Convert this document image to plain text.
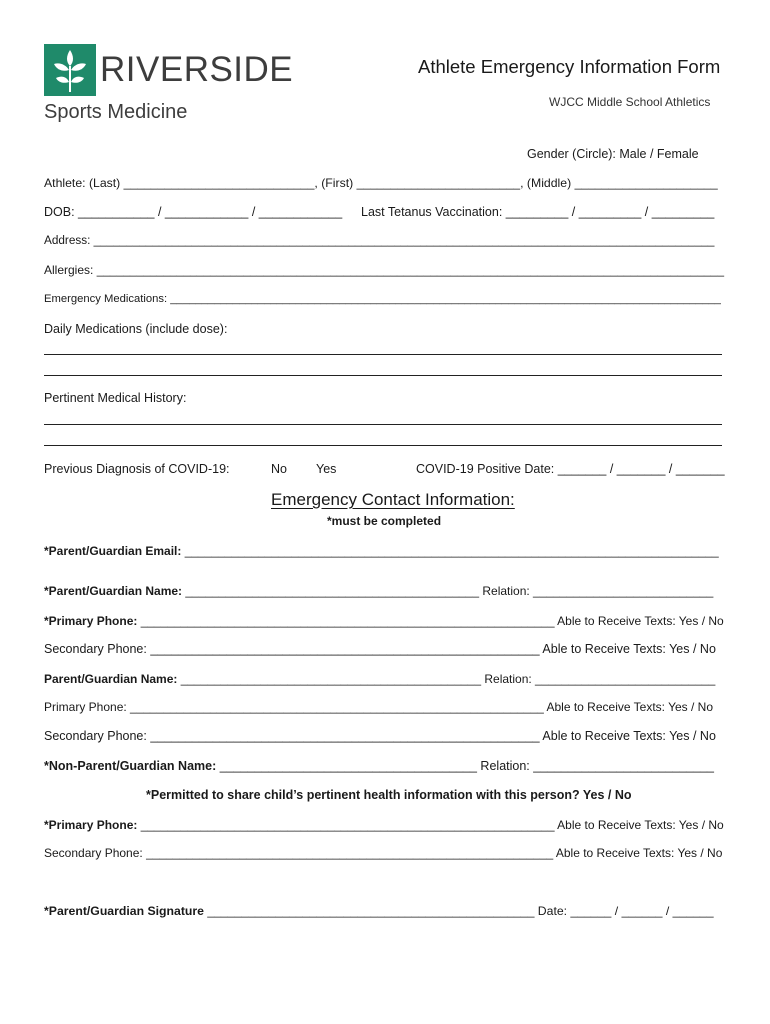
RIVERSIDE
Sports Medicine
Athlete Emergency Information Form
WJCC Middle School Athletics
Gender (Circle): Male / Female
Athlete: (Last) ____________________________, (First) ________________________, (Middle) _____________________
DOB: ___________ / ____________ / ____________ Last Tetanus Vaccination: _________ / _________ / _________
Address: _______________________________________________________________________________________________
Allergies: ______________________________________________________________________________________________
Emergency Medications: ________________________________________________________________________________________
Daily Medications (include dose):
Pertinent Medical History:
Previous Diagnosis of COVID-19:	No Yes	COVID-19 Positive Date: _______ / _______ / _______
Emergency Contact Information:
*must be completed
*Parent/Guardian Email: ________________________________________________________________________________
*Parent/Guardian Name: ____________________________________________ Relation: ___________________________
*Primary Phone: ______________________________________________________________ Able to Receive Texts: Yes / No
Secondary Phone: ________________________________________________________ Able to Receive Texts: Yes / No
Parent/Guardian Name: _____________________________________________ Relation: ___________________________
Primary Phone: ______________________________________________________________ Able to Receive Texts: Yes / No
Secondary Phone: ________________________________________________________ Able to Receive Texts: Yes / No
*Non-Parent/Guardian Name: _____________________________________ Relation: __________________________
*Permitted to share child’s pertinent health information with this person? Yes / No
*Primary Phone: ______________________________________________________________ Able to Receive Texts: Yes / No
Secondary Phone: _____________________________________________________________ Able to Receive Texts: Yes / No
*Parent/Guardian Signature ________________________________________________ Date: ______ / ______ / ______
